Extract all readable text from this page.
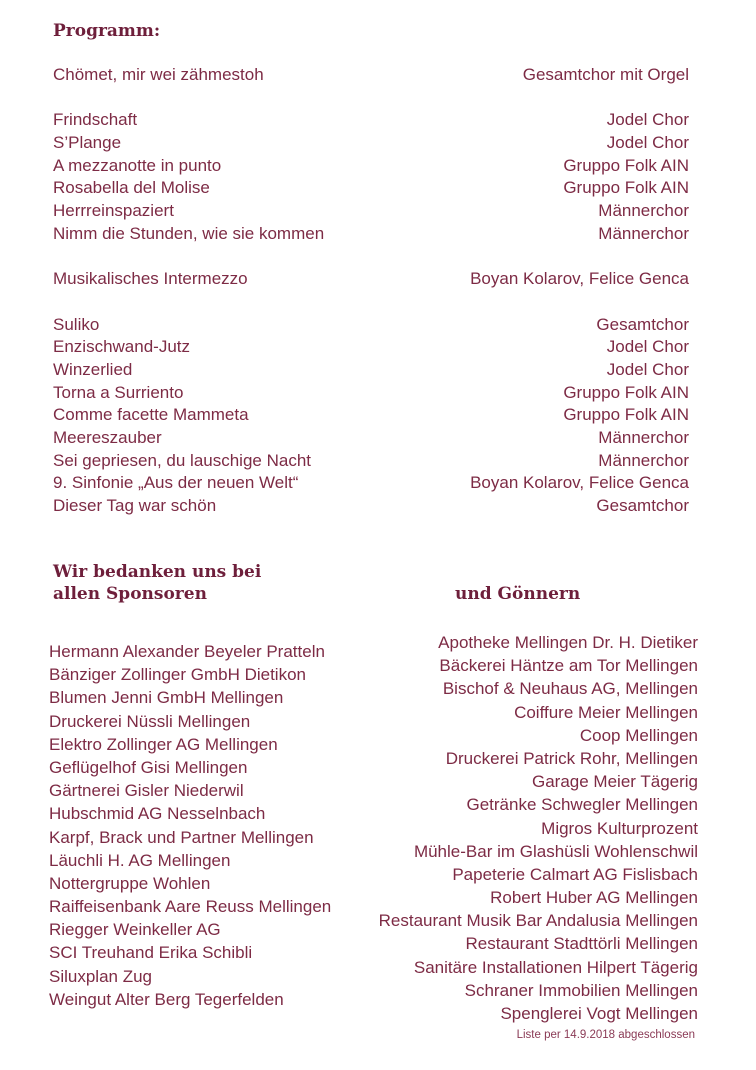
Programm:
Chömet, mir wei zähmestoh	Gesamtchor mit Orgel
Frindschaft	Jodel Chor
S’Plange	Jodel Chor
A mezzanotte in punto	Gruppo Folk AIN
Rosabella del Molise	Gruppo Folk AIN
Herrreinspaziert	Männerchor
Nimm die Stunden, wie sie kommen	Männerchor
Musikalisches Intermezzo	Boyan Kolarov, Felice Genca
Suliko	Gesamtchor
Enzischwand-Jutz	Jodel Chor
Winzerlied	Jodel Chor
Torna a Surriento	Gruppo Folk AIN
Comme facette Mammeta	Gruppo Folk AIN
Meereszauber	Männerchor
Sei gepriesen, du lauschige Nacht	Männerchor
9. Sinfonie „Aus der neuen Welt“	Boyan Kolarov, Felice Genca
Dieser Tag war schön	Gesamtchor
Wir bedanken uns bei
allen Sponsoren	und Gönnern
Hermann Alexander Beyeler Pratteln
Bänziger Zollinger GmbH Dietikon
Blumen Jenni GmbH Mellingen
Druckerei Nüssli Mellingen
Elektro Zollinger AG Mellingen
Geflügelhof Gisi Mellingen
Gärtnerei Gisler Niederwil
Hubschmid AG Nesselnbach
Karpf, Brack und Partner Mellingen
Läuchli H. AG Mellingen
Nottergruppe Wohlen
Raiffeisenbank Aare Reuss Mellingen
Riegger Weinkeller AG
SCI Treuhand Erika Schibli
Siluxplan Zug
Weingut Alter Berg Tegerfelden
Apotheke Mellingen Dr. H. Dietiker
Bäckerei Häntze am Tor Mellingen
Bischof & Neuhaus AG, Mellingen
Coiffure Meier Mellingen
Coop Mellingen
Druckerei Patrick Rohr, Mellingen
Garage Meier Tägerig
Getränke Schwegler Mellingen
Migros Kulturprozent
Mühle-Bar im Glashüsli Wohlenschwil
Papeterie Calmart AG Fislisbach
Robert Huber AG Mellingen
Restaurant Musik Bar Andalusia Mellingen
Restaurant Stadttörli Mellingen
Sanitäre Installationen Hilpert Tägerig
Schraner Immobilien Mellingen
Spenglerei Vogt Mellingen
Liste per 14.9.2018 abgeschlossen
